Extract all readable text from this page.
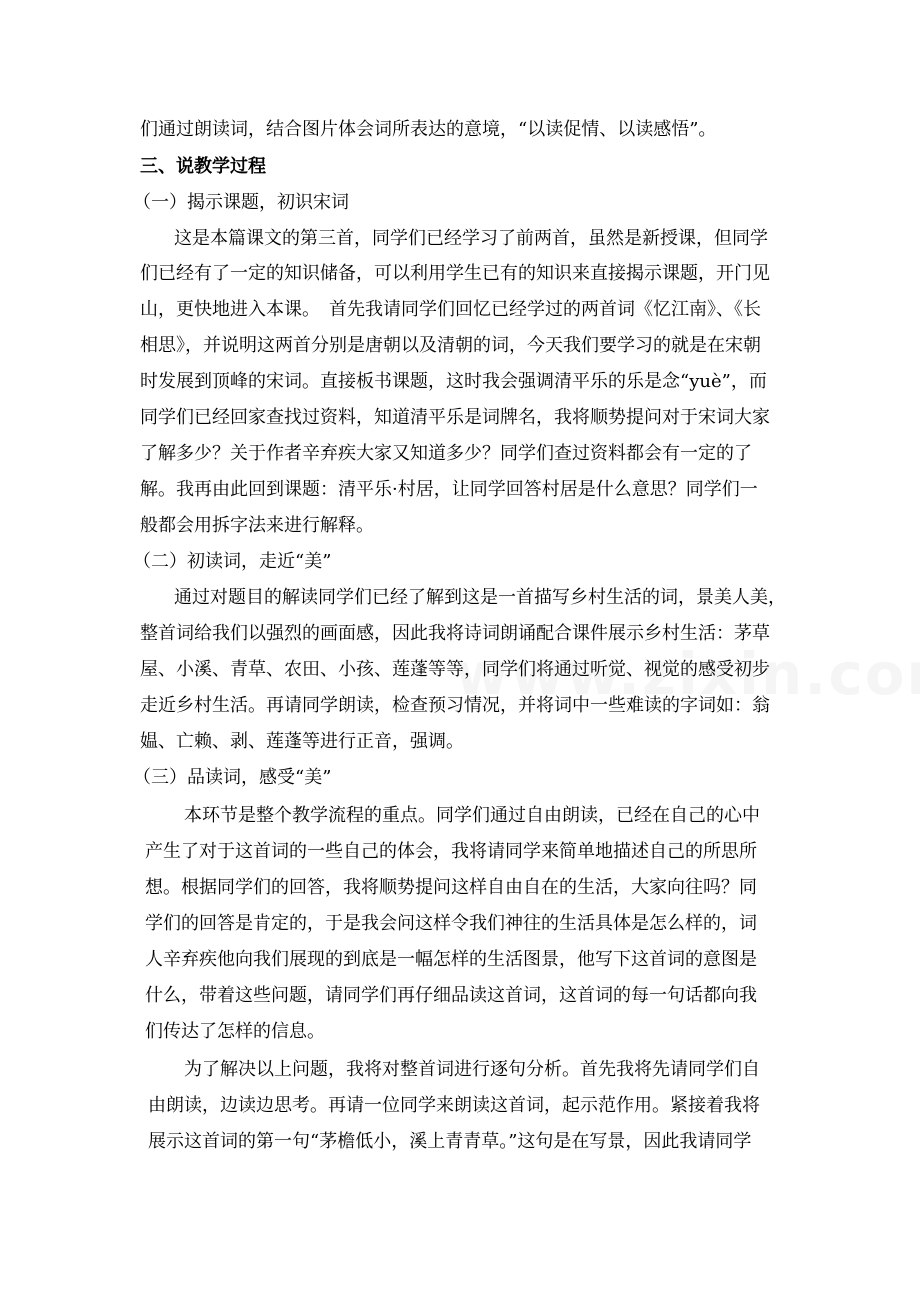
们通过朗读词，结合图片体会词所表达的意境，“以读促情、以读感悟”。
三、说教学过程
（一）揭示课题，初识宋词
　　这是本篇课文的第三首，同学们已经学习了前两首，虽然是新授课，但同学
们已经有了一定的知识储备，可以利用学生已有的知识来直接揭示课题，开门见
山，更快地进入本课。　首先我请同学们回忆已经学过的两首词《忆江南》、《长
相思》，并说明这两首分别是唐朝以及清朝的词，今天我们要学习的就是在宋朝
时发展到顶峰的宋词。直接板书课题，这时我会强调清平乐的乐是念“yuè”，而
同学们已经回家查找过资料，知道清平乐是词牌名，我将顺势提问对于宋词大家
了解多少？关于作者辛弃疾大家又知道多少？同学们查过资料都会有一定的了
解。我再由此回到课题：清平乐·村居，让同学回答村居是什么意思？同学们一
般都会用拆字法来进行解释。
（二）初读词，走近“美”
　　通过对题目的解读同学们已经了解到这是一首描写乡村生活的词，景美人美，
整首词给我们以强烈的画面感，因此我将诗词朗诵配合课件展示乡村生活：茅草
屋、小溪、青草、农田、小孩、莲蓬等等，同学们将通过听觉、视觉的感受初步
走近乡村生活。再请同学朗读，检查预习情况，并将词中一些难读的字词如：翁
媪、亡赖、剥、莲蓬等进行正音，强调。
（三）品读词，感受“美”
　　本环节是整个教学流程的重点。同学们通过自由朗读，已经在自己的心中
产生了对于这首词的一些自己的体会，我将请同学来简单地描述自己的所思所
想。根据同学们的回答，我将顺势提问这样自由自在的生活，大家向往吗？同
学们的回答是肯定的，于是我会问这样令我们神往的生活具体是怎么样的，词
人辛弃疾他向我们展现的到底是一幅怎样的生活图景，他写下这首词的意图是
什么，带着这些问题，请同学们再仔细品读这首词，这首词的每一句话都向我
们传达了怎样的信息。
　　为了解决以上问题，我将对整首词进行逐句分析。首先我将先请同学们自
由朗读，边读边思考。再请一位同学来朗读这首词，起示范作用。紧接着我将
展示这首词的第一句“茅檐低小，溪上青青草。”这句是在写景，因此我请同学
